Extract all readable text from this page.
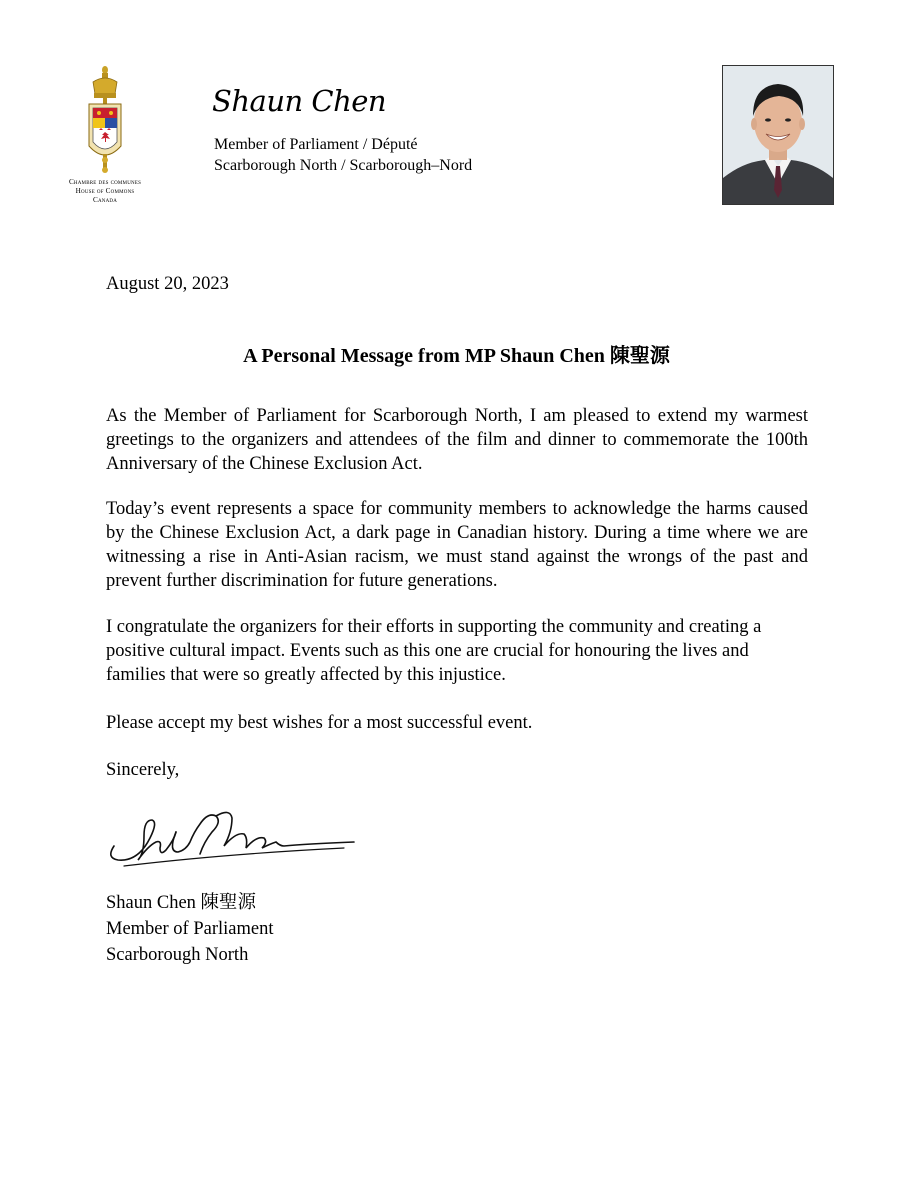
Chambre des communes
House of Commons
Canada
Shaun Chen
Member of Parliament / Député
Scarborough North / Scarborough–Nord
August 20, 2023
A Personal Message from MP Shaun Chen 陳聖源
As the Member of Parliament for Scarborough North, I am pleased to extend my warmest greetings to the organizers and attendees of the film and dinner to commemorate the 100th Anniversary of the Chinese Exclusion Act.
Today’s event represents a space for community members to acknowledge the harms caused by the Chinese Exclusion Act, a dark page in Canadian history. During a time where we are witnessing a rise in Anti-Asian racism, we must stand against the wrongs of the past and prevent further discrimination for future generations.
I congratulate the organizers for their efforts in supporting the community and creating a positive cultural impact. Events such as this one are crucial for honouring the lives and families that were so greatly affected by this injustice.
Please accept my best wishes for a most successful event.
Sincerely,
Shaun Chen 陳聖源
Member of Parliament
Scarborough North
